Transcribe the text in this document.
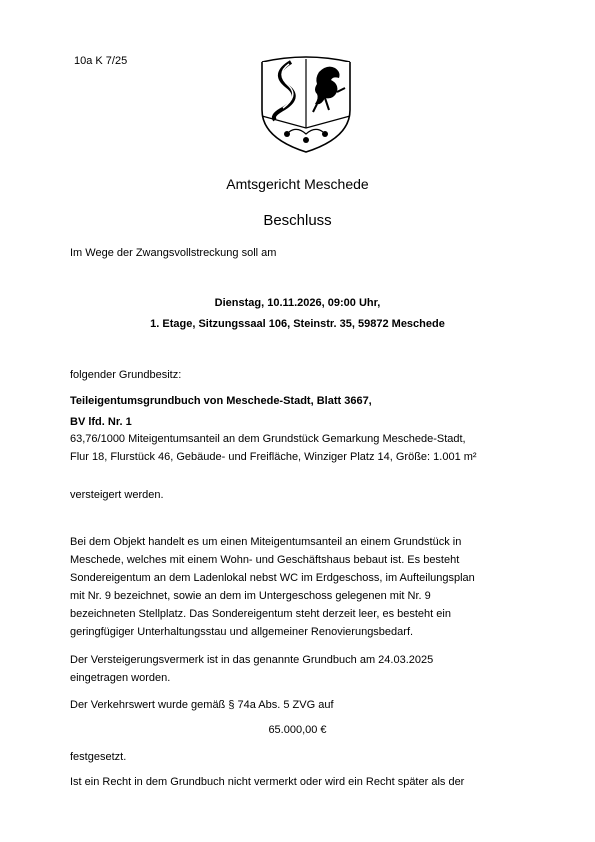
10a K 7/25
Amtsgericht Meschede
Beschluss
Im Wege der Zwangsvollstreckung soll am
Dienstag, 10.11.2026, 09:00 Uhr,
1. Etage, Sitzungssaal 106, Steinstr. 35, 59872 Meschede
folgender Grundbesitz:
Teileigentumsgrundbuch von Meschede-Stadt, Blatt 3667,
BV lfd. Nr. 1
63,76/1000 Miteigentumsanteil an dem Grundstück Gemarkung Meschede-Stadt,
Flur 18, Flurstück 46, Gebäude- und Freifläche, Winziger Platz 14, Größe: 1.001 m²
versteigert werden.
Bei dem Objekt handelt es um einen Miteigentumsanteil an einem Grundstück in
Meschede, welches mit einem Wohn- und Geschäftshaus bebaut ist. Es besteht
Sondereigentum an dem Ladenlokal nebst WC im Erdgeschoss, im Aufteilungsplan
mit Nr. 9 bezeichnet, sowie an dem im Untergeschoss gelegenen mit Nr. 9
bezeichneten Stellplatz. Das Sondereigentum steht derzeit leer, es besteht ein
geringfügiger Unterhaltungsstau und allgemeiner Renovierungsbedarf.
Der Versteigerungsvermerk ist in das genannte Grundbuch am 24.03.2025
eingetragen worden.
Der Verkehrswert wurde gemäß § 74a Abs. 5 ZVG auf
65.000,00 €
festgesetzt.
Ist ein Recht in dem Grundbuch nicht vermerkt oder wird ein Recht später als der
